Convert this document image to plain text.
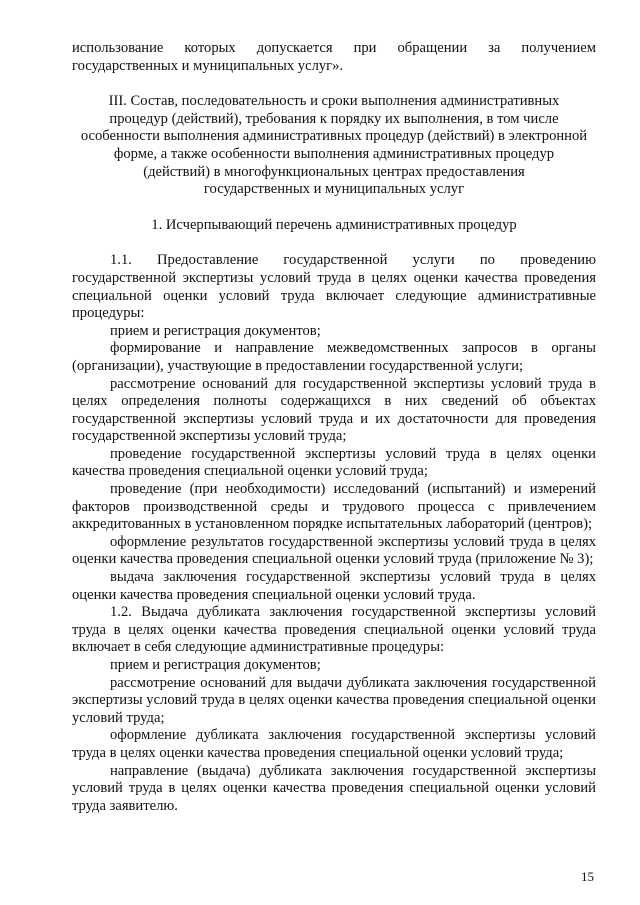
использование которых допускается при обращении за получением государственных и муниципальных услуг».

III. Состав, последовательность и сроки выполнения административных
процедур (действий), требования к порядку их выполнения, в том числе
особенности выполнения административных процедур (действий) в электронной
форме, а также особенности выполнения административных процедур
(действий) в многофункциональных центрах предоставления
государственных и муниципальных услуг

1. Исчерпывающий перечень административных процедур

1.1. Предоставление государственной услуги по проведению государственной экспертизы условий труда в целях оценки качества проведения специальной оценки условий труда включает следующие административные процедуры:

прием и регистрация документов;

формирование и направление межведомственных запросов в органы (организации), участвующие в предоставлении государственной услуги;

рассмотрение оснований для государственной экспертизы условий труда в целях определения полноты содержащихся в них сведений об объектах государственной экспертизы условий труда и их достаточности для проведения государственной экспертизы условий труда;

проведение государственной экспертизы условий труда в целях оценки качества проведения специальной оценки условий труда;

проведение (при необходимости) исследований (испытаний) и измерений факторов производственной среды и трудового процесса с привлечением аккредитованных в установленном порядке испытательных лабораторий (центров);

оформление результатов государственной экспертизы условий труда в целях оценки качества проведения специальной оценки условий труда (приложение № 3);

выдача заключения государственной экспертизы условий труда в целях оценки качества проведения специальной оценки условий труда.

1.2. Выдача дубликата заключения государственной экспертизы условий труда в целях оценки качества проведения специальной оценки условий труда включает в себя следующие административные процедуры:

прием и регистрация документов;

рассмотрение оснований для выдачи дубликата заключения государственной экспертизы условий труда в целях оценки качества проведения специальной оценки условий труда;

оформление дубликата заключения государственной экспертизы условий труда в целях оценки качества проведения специальной оценки условий труда;

направление (выдача) дубликата заключения государственной экспертизы условий труда в целях оценки качества проведения специальной оценки условий труда заявителю.

15
